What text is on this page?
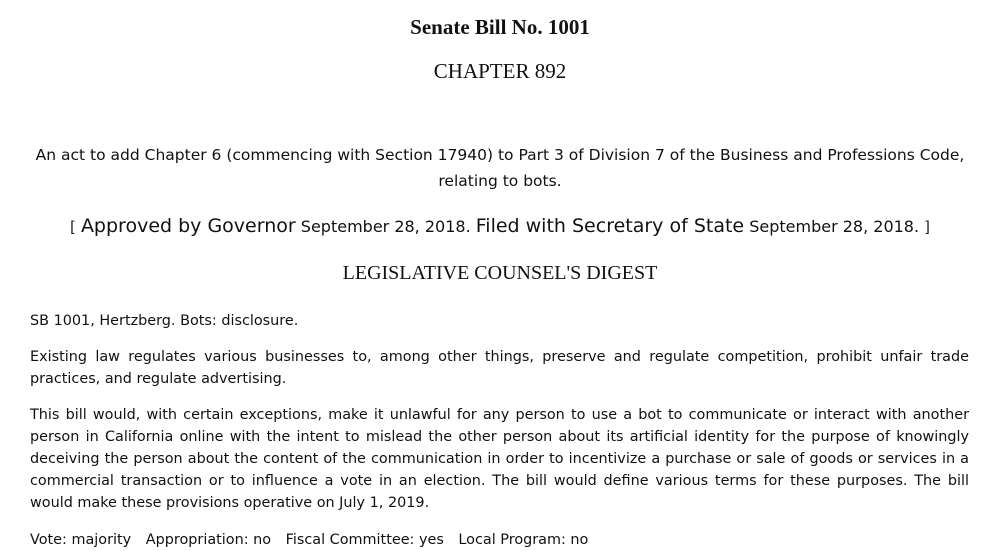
Senate Bill No. 1001
CHAPTER 892
An act to add Chapter 6 (commencing with Section 17940) to Part 3 of Division 7 of the Business and Professions Code, relating to bots.
[ Approved by Governor September 28, 2018. Filed with Secretary of State September 28, 2018. ]
LEGISLATIVE COUNSEL'S DIGEST
SB 1001, Hertzberg. Bots: disclosure.
Existing law regulates various businesses to, among other things, preserve and regulate competition, prohibit unfair trade practices, and regulate advertising.
This bill would, with certain exceptions, make it unlawful for any person to use a bot to communicate or interact with another person in California online with the intent to mislead the other person about its artificial identity for the purpose of knowingly deceiving the person about the content of the communication in order to incentivize a purchase or sale of goods or services in a commercial transaction or to influence a vote in an election. The bill would define various terms for these purposes. The bill would make these provisions operative on July 1, 2019.
Vote: majority Appropriation: no Fiscal Committee: yes Local Program: no
